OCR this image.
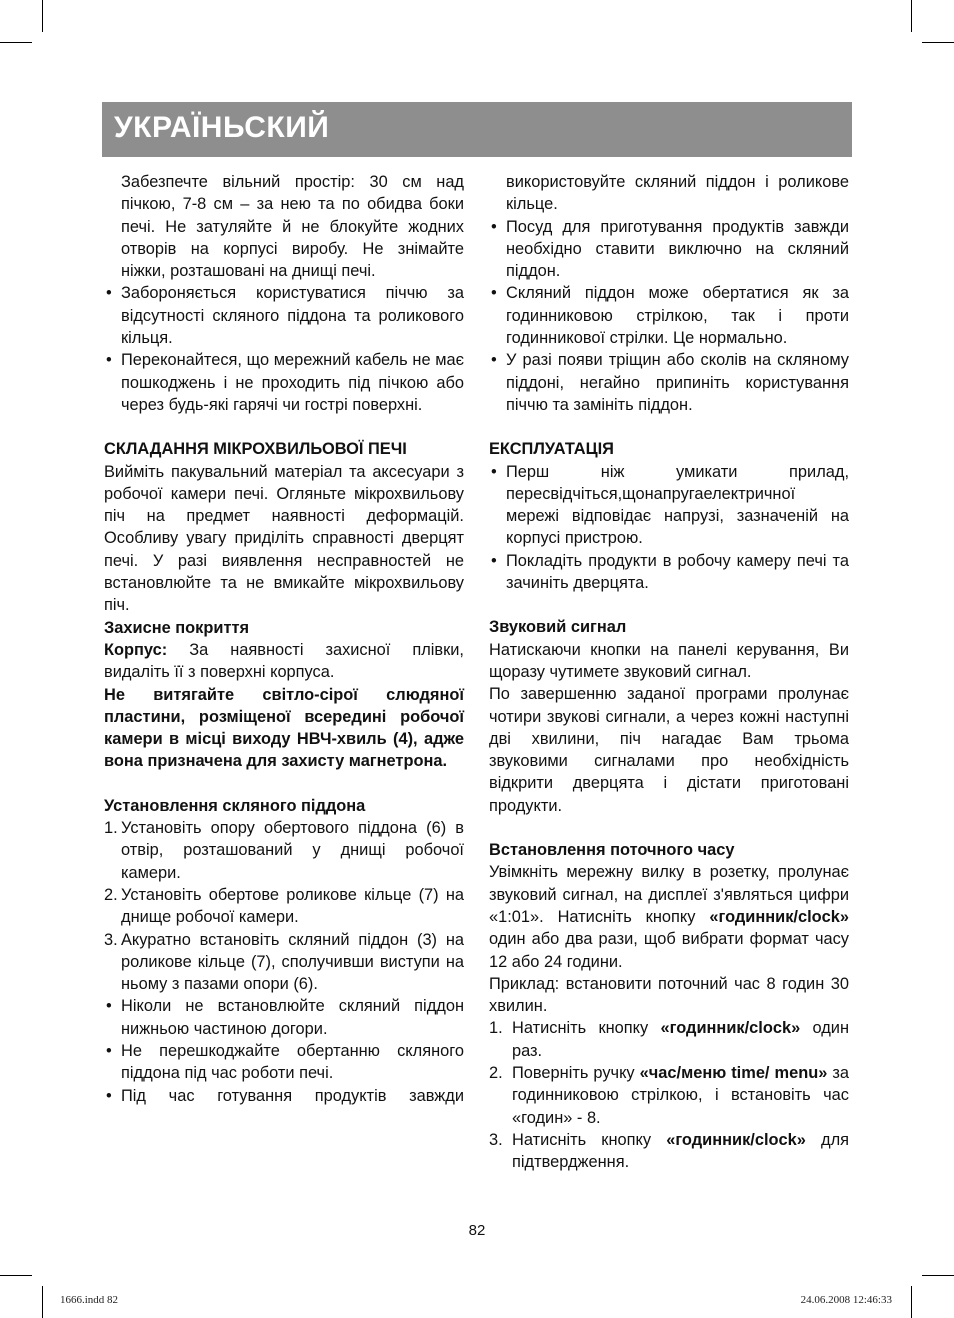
УКРАЇНЬСКИЙ

Забезпечте вільний простір: 30 см над пічкою, 7-8 см – за нею та по обидва боки печі. Не затуляйте й не блокуйте жодних отворів на корпусі виробу. Не знімайте ніжки, розташовані на днищі печі.

• Забороняється користуватися піччю за відсутності скляного піддона та роликового кільця.

• Переконайтеся, що мережний кабель не має пошкоджень і не проходить під пічкою або через будь-які гарячі чи гострі поверхні.

СКЛАДАННЯ МІКРОХВИЛЬОВОЇ ПЕЧІ

Вийміть пакувальний матеріал та аксесуари з робочої камери печі. Огляньте мікрохвильову піч на предмет наявності деформацій. Особливу увагу приділіть справності дверцят печі. У разі виявлення несправностей не встановлюйте та не вмикайте мікрохвильову піч.

Захисне покриття

Корпус: За наявності захисної плівки, видаліть її з поверхні корпуса.

Не витягайте світло-сірої слюдяної пластини, розміщеної всередині робочої камери в місці виходу НВЧ-хвиль (4), адже вона призначена для захисту магнетрона.

Установлення скляного піддона

1. Установіть опору обертового піддона (6) в отвір, розташований у днищі робочої камери.

2. Установіть обертове роликове кільце (7) на днище робочої камери.

3. Акуратно встановіть скляний піддон (3) на роликове кільце (7), сполучивши виступи на ньому з пазами опори (6).

• Ніколи не встановлюйте скляний піддон нижньою частиною догори.

• Не перешкоджайте обертанню скляного піддона під час роботи печі.

• Під час готування продуктів завжди

використовуйте скляний піддон і роликове кільце.

• Посуд для приготування продуктів завжди необхідно ставити виключно на скляний піддон.

• Скляний піддон може обертатися як за годинниковою стрілкою, так і проти годинникової стрілки. Це нормально.

• У разі появи тріщин або сколів на скляному піддоні, негайно припиніть користування піччю та замініть піддон.

ЕКСПЛУАТАЦІЯ

• Перш ніж умикати прилад, пересвідчіться,щонапругаелектричної мережі відповідає напрузі, зазначеній на корпусі пристрою.

• Покладіть продукти в робочу камеру печі та зачиніть дверцята.

Звуковий сигнал

Натискаючи кнопки на панелі керування, Ви щоразу чутимете звуковий сигнал.

По завершенню заданої програми пролунає чотири звукові сигнали, а через кожні наступні дві хвилини, піч нагадає Вам трьома звуковими сигналами про необхідність відкрити дверцята і дістати приготовані продукти.

Встановлення поточного часу

Увімкніть мережну вилку в розетку, пролунає звуковий сигнал, на дисплеї з'являться цифри «1:01». Натисніть кнопку «годинник/clock» один або два рази, щоб вибрати формат часу 12 або 24 години.

Приклад: встановити поточний час 8 годин 30 хвилин.

1. Натисніть кнопку «годинник/clock» один раз.

2. Поверніть ручку «час/меню time/ menu» за годинниковою стрілкою, і встановіть час «годин» - 8.

3. Натисніть кнопку «годинник/clock» для підтвердження.

82
1666.indd 82	24.06.2008 12:46:33
